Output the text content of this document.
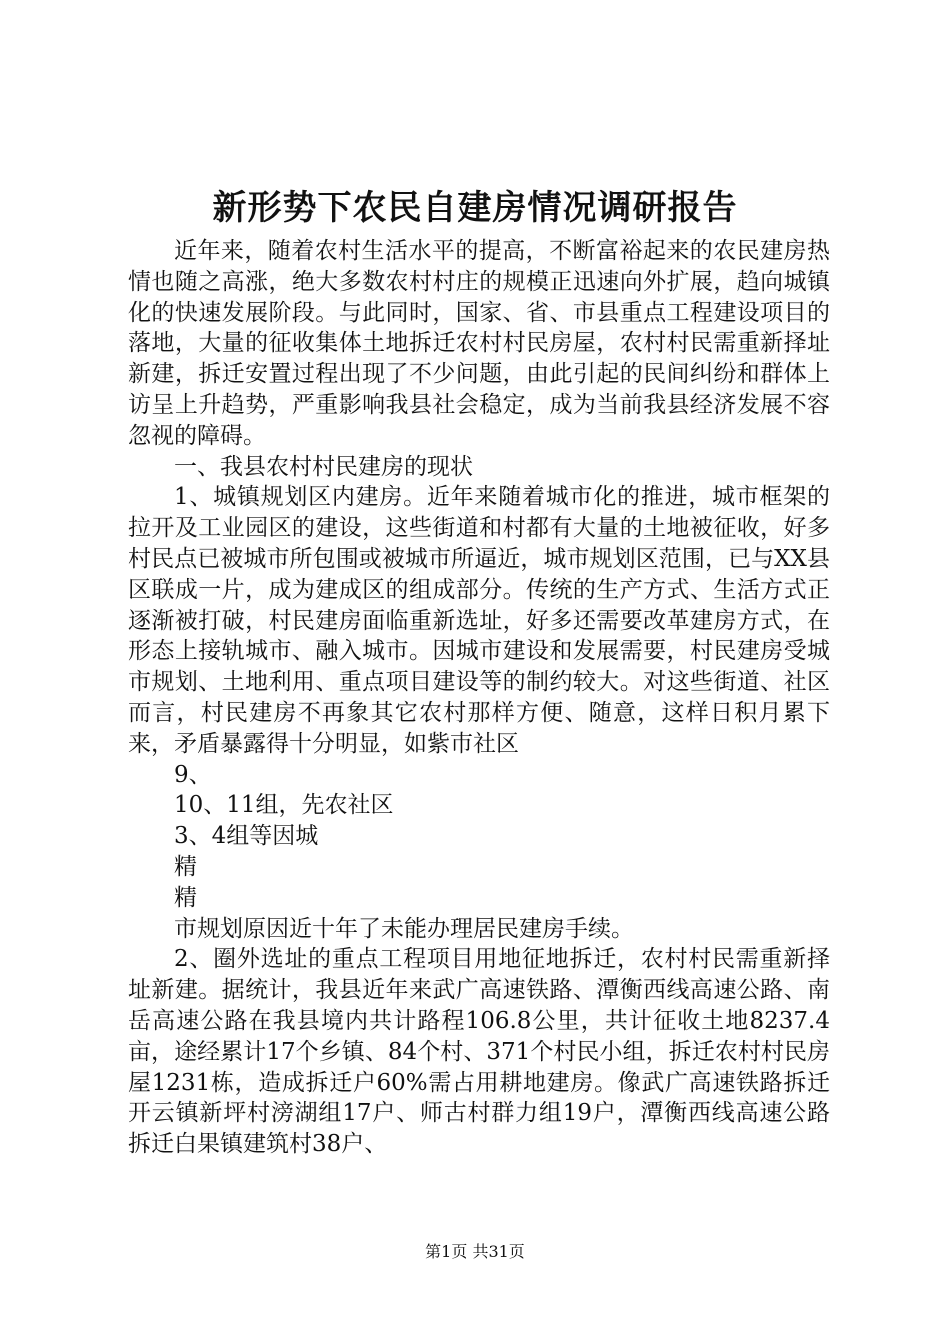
新形势下农民自建房情况调研报告

近年来，随着农村生活水平的提高，不断富裕起来的农民建房热情也随之高涨，绝大多数农村村庄的规模正迅速向外扩展，趋向城镇化的快速发展阶段。与此同时，国家、省、市县重点工程建设项目的落地，大量的征收集体土地拆迁农村村民房屋，农村村民需重新择址新建，拆迁安置过程出现了不少问题，由此引起的民间纠纷和群体上访呈上升趋势，严重影响我县社会稳定，成为当前我县经济发展不容忽视的障碍。

一、我县农村村民建房的现状

1、城镇规划区内建房。近年来随着城市化的推进，城市框架的拉开及工业园区的建设，这些街道和村都有大量的土地被征收，好多村民点已被城市所包围或被城市所逼近，城市规划区范围，已与XX县区联成一片，成为建成区的组成部分。传统的生产方式、生活方式正逐渐被打破，村民建房面临重新选址，好多还需要改革建房方式，在形态上接轨城市、融入城市。因城市建设和发展需要，村民建房受城市规划、土地利用、重点项目建设等的制约较大。对这些街道、社区而言，村民建房不再象其它农村那样方便、随意，这样日积月累下来，矛盾暴露得十分明显，如紫巿社区

9、

10、11组，先农社区

3、4组等因城

精

精

市规划原因近十年了未能办理居民建房手续。

2、圈外选址的重点工程项目用地征地拆迁，农村村民需重新择址新建。据统计，我县近年来武广高速铁路、潭衡西线高速公路、南岳高速公路在我县境内共计路程106.8公里，共计征收土地8237.4亩，途经累计17个乡镇、84个村、371个村民小组，拆迁农村村民房屋1231栋，造成拆迁户60%需占用耕地建房。像武广高速铁路拆迁开云镇新坪村滂湖组17户、师古村群力组19户，潭衡西线高速公路拆迁白果镇建筑村38户、

第1页 共31页
